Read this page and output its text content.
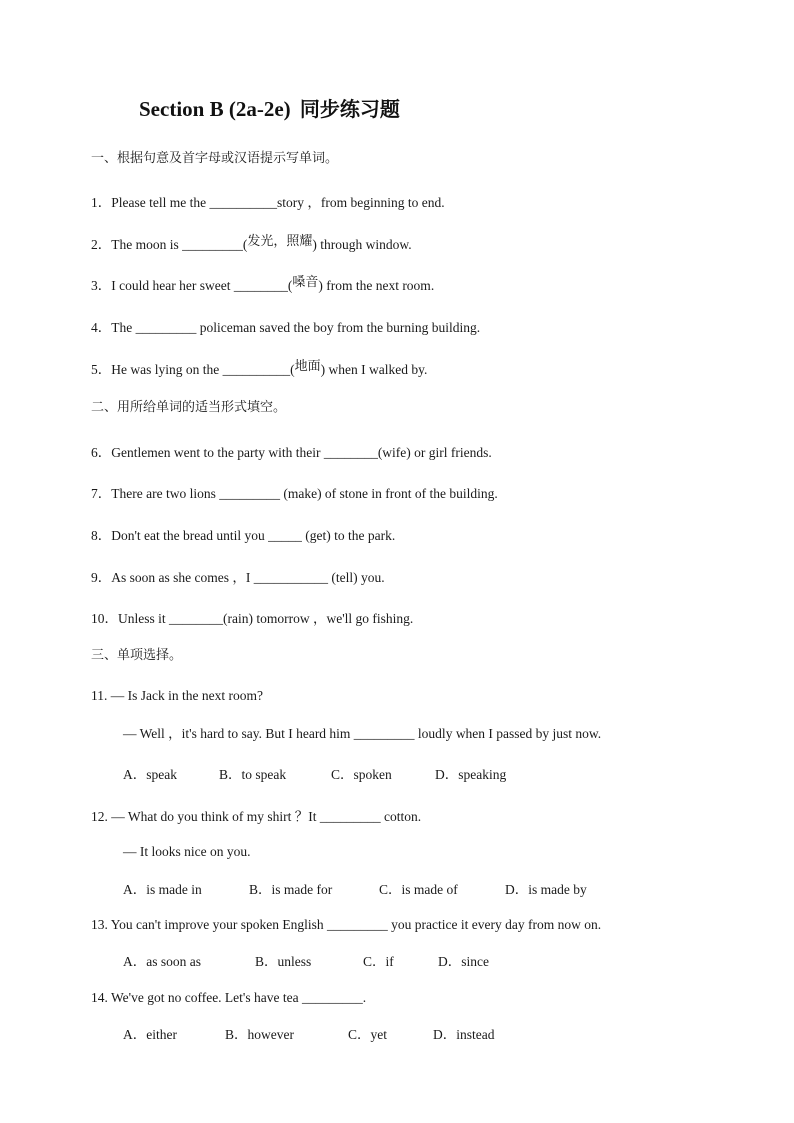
Section B (2a-2e) 同步练习题
一、根据句意及首字母或汉语提示写单词。
1．Please tell me the __________story ，from beginning to end.
2．The moon is _________(发光，照耀) through window.
3．I could hear her sweet ________(嗓音) from the next room.
4．The _________ policeman saved the boy from the burning building.
5．He was lying on the __________(地面) when I walked by.
二、用所给单词的适当形式填空。
6．Gentlemen went to the party with their ________(wife) or girl friends.
7．There are two lions _________ (make) of stone in front of the building.
8．Don't eat the bread until you _____ (get) to the park.
9．As soon as she comes ，I ___________ (tell) you.
10．Unless it ________(rain) tomorrow ，we'll go fishing.
三、单项选择。
11. — Is Jack in the next room?
— Well ，it's hard to say. But I heard him _________ loudly when I passed by just now.
A．speak	B．to speak	C．spoken	D．speaking
12. — What do you think of my shirt ？It _________ cotton.
— It looks nice on you.
A．is made in	B．is made for	C．is made of	D．is made by
13. You can't improve your spoken English _________ you practice it every day from now on.
A．as soon as	B．unless	C．if	D．since
14. We've got no coffee. Let's have tea _________.
A．either	B．however	C．yet	D．instead
